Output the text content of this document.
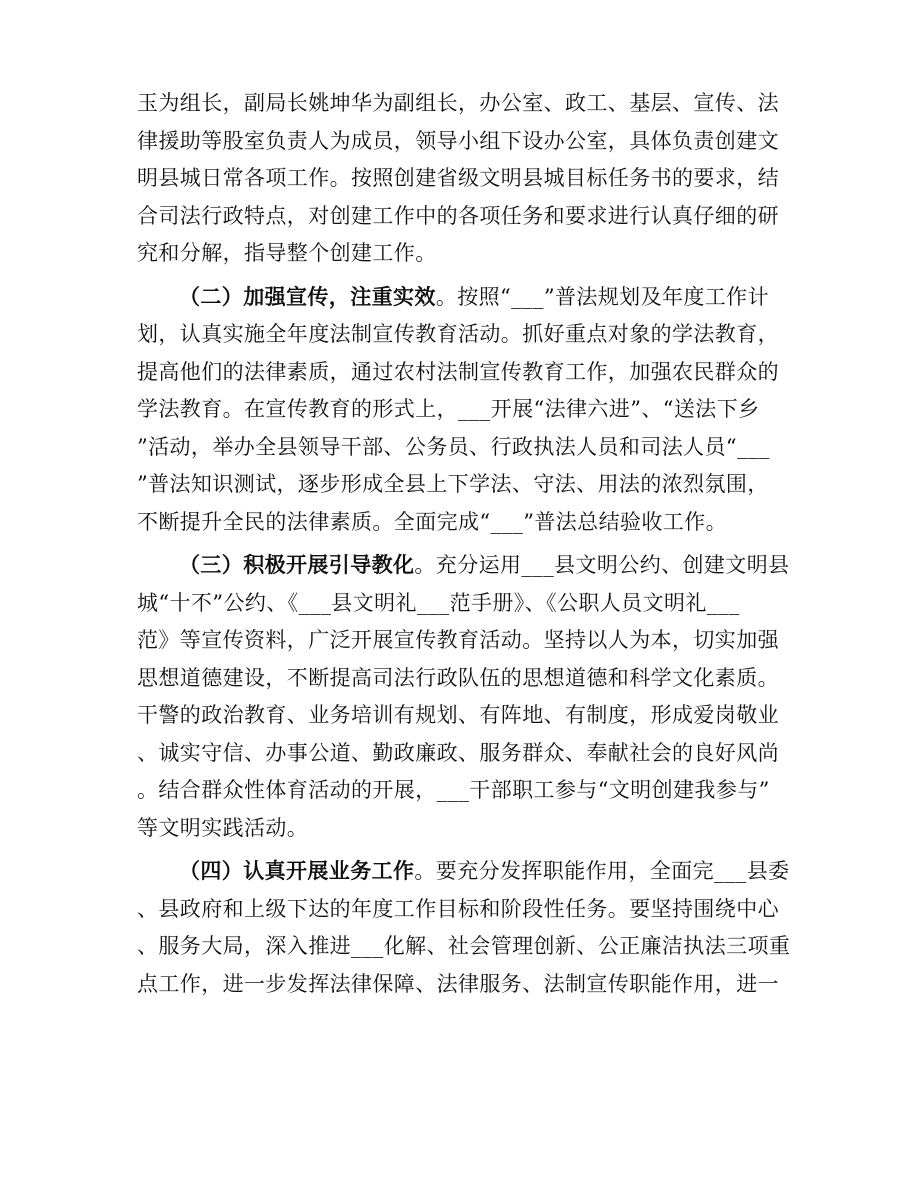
玉为组长，副局长姚坤华为副组长，办公室、政工、基层、宣传、法
律援助等股室负责人为成员，领导小组下设办公室，具体负责创建文
明县城日常各项工作。按照创建省级文明县城目标任务书的要求，结
合司法行政特点，对创建工作中的各项任务和要求进行认真仔细的研
究和分解，指导整个创建工作。
（二）加强宣传，注重实效。按照“___”普法规划及年度工作计
划，认真实施全年度法制宣传教育活动。抓好重点对象的学法教育，
提高他们的法律素质，通过农村法制宣传教育工作，加强农民群众的
学法教育。在宣传教育的形式上，___开展“法律六进”、“送法下乡
”活动，举办全县领导干部、公务员、行政执法人员和司法人员“___
”普法知识测试，逐步形成全县上下学法、守法、用法的浓烈氛围，
不断提升全民的法律素质。全面完成“___”普法总结验收工作。
（三）积极开展引导教化。充分运用___县文明公约、创建文明县
城“十不”公约、《___县文明礼___范手册》、《公职人员文明礼___
范》等宣传资料，广泛开展宣传教育活动。坚持以人为本，切实加强
思想道德建设，不断提高司法行政队伍的思想道德和科学文化素质。
干警的政治教育、业务培训有规划、有阵地、有制度，形成爱岗敬业
、诚实守信、办事公道、勤政廉政、服务群众、奉献社会的良好风尚
。结合群众性体育活动的开展，___干部职工参与“文明创建我参与”
等文明实践活动。
（四）认真开展业务工作。要充分发挥职能作用，全面完___县委
、县政府和上级下达的年度工作目标和阶段性任务。要坚持围绕中心
、服务大局，深入推进___化解、社会管理创新、公正廉洁执法三项重
点工作，进一步发挥法律保障、法律服务、法制宣传职能作用，进一
